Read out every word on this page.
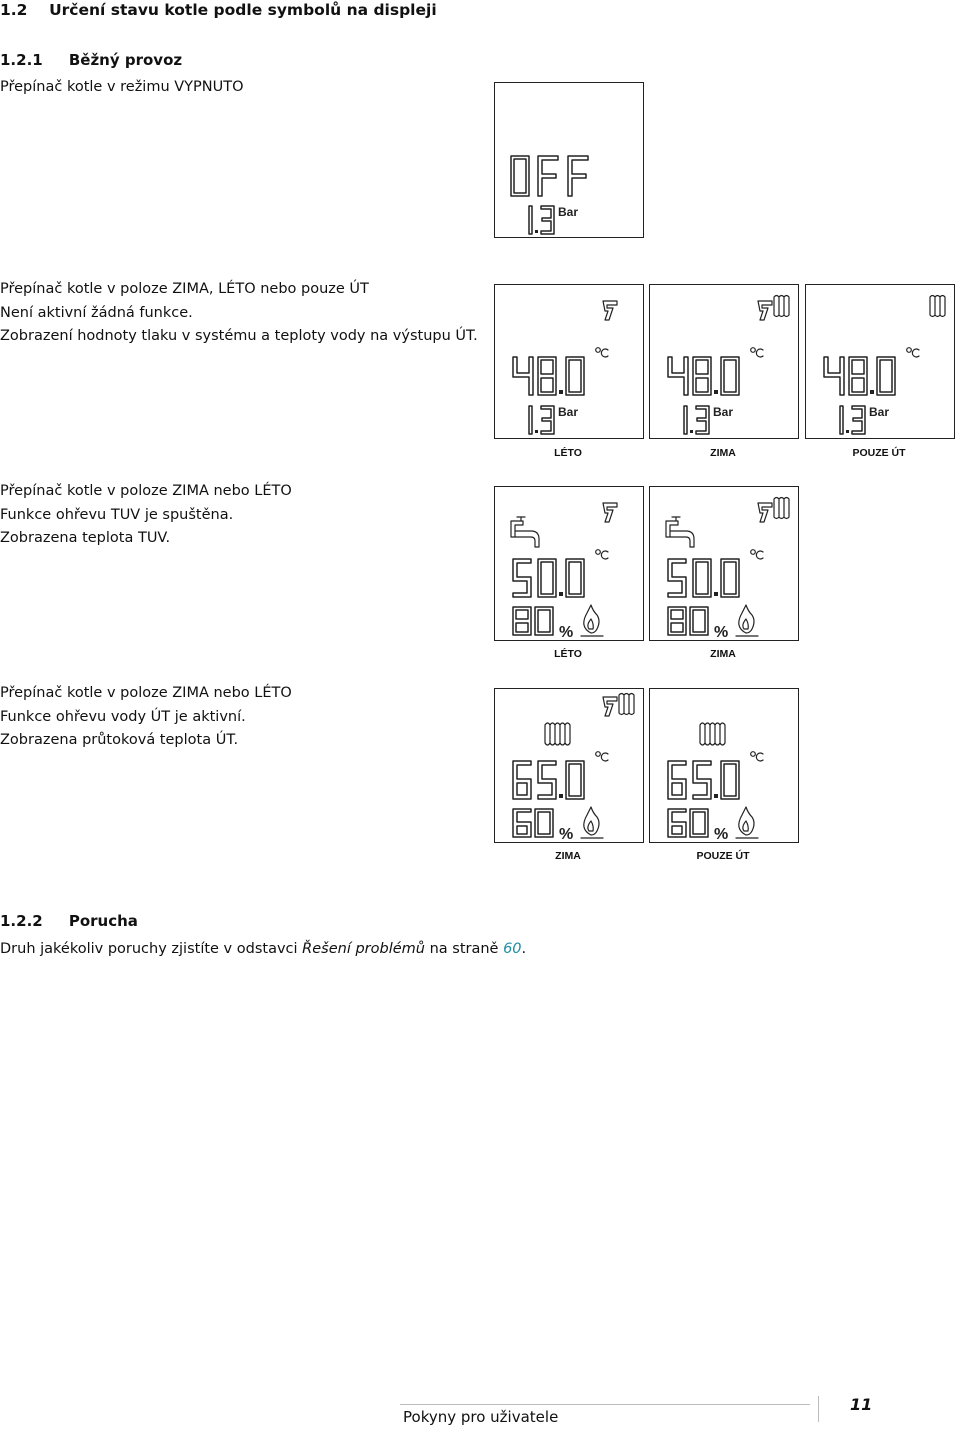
1.2 Určení stavu kotle podle symbolů na displeji
1.2.1 Běžný provoz
Přepínač kotle v režimu VYPNUTO
Bar
Přepínač kotle v poloze ZIMA, LÉTO nebo pouze ÚT
Není aktivní žádná funkce.
Zobrazení hodnoty tlaku v systému a teploty vody na výstupu ÚT.
Bar
LÉTO
Bar
ZIMA
Bar
POUZE ÚT
Přepínač kotle v poloze ZIMA nebo LÉTO
Funkce ohřevu TUV je spuštěna.
Zobrazena teplota TUV.
%
LÉTO
%
ZIMA
Přepínač kotle v poloze ZIMA nebo LÉTO
Funkce ohřevu vody ÚT je aktivní.
Zobrazena průtoková teplota ÚT.
%
ZIMA
%
POUZE ÚT
1.2.2 Porucha
Druh jakékoliv poruchy zjistíte v odstavci Řešení problémů na straně 60.
Pokyny pro uživatele
11
